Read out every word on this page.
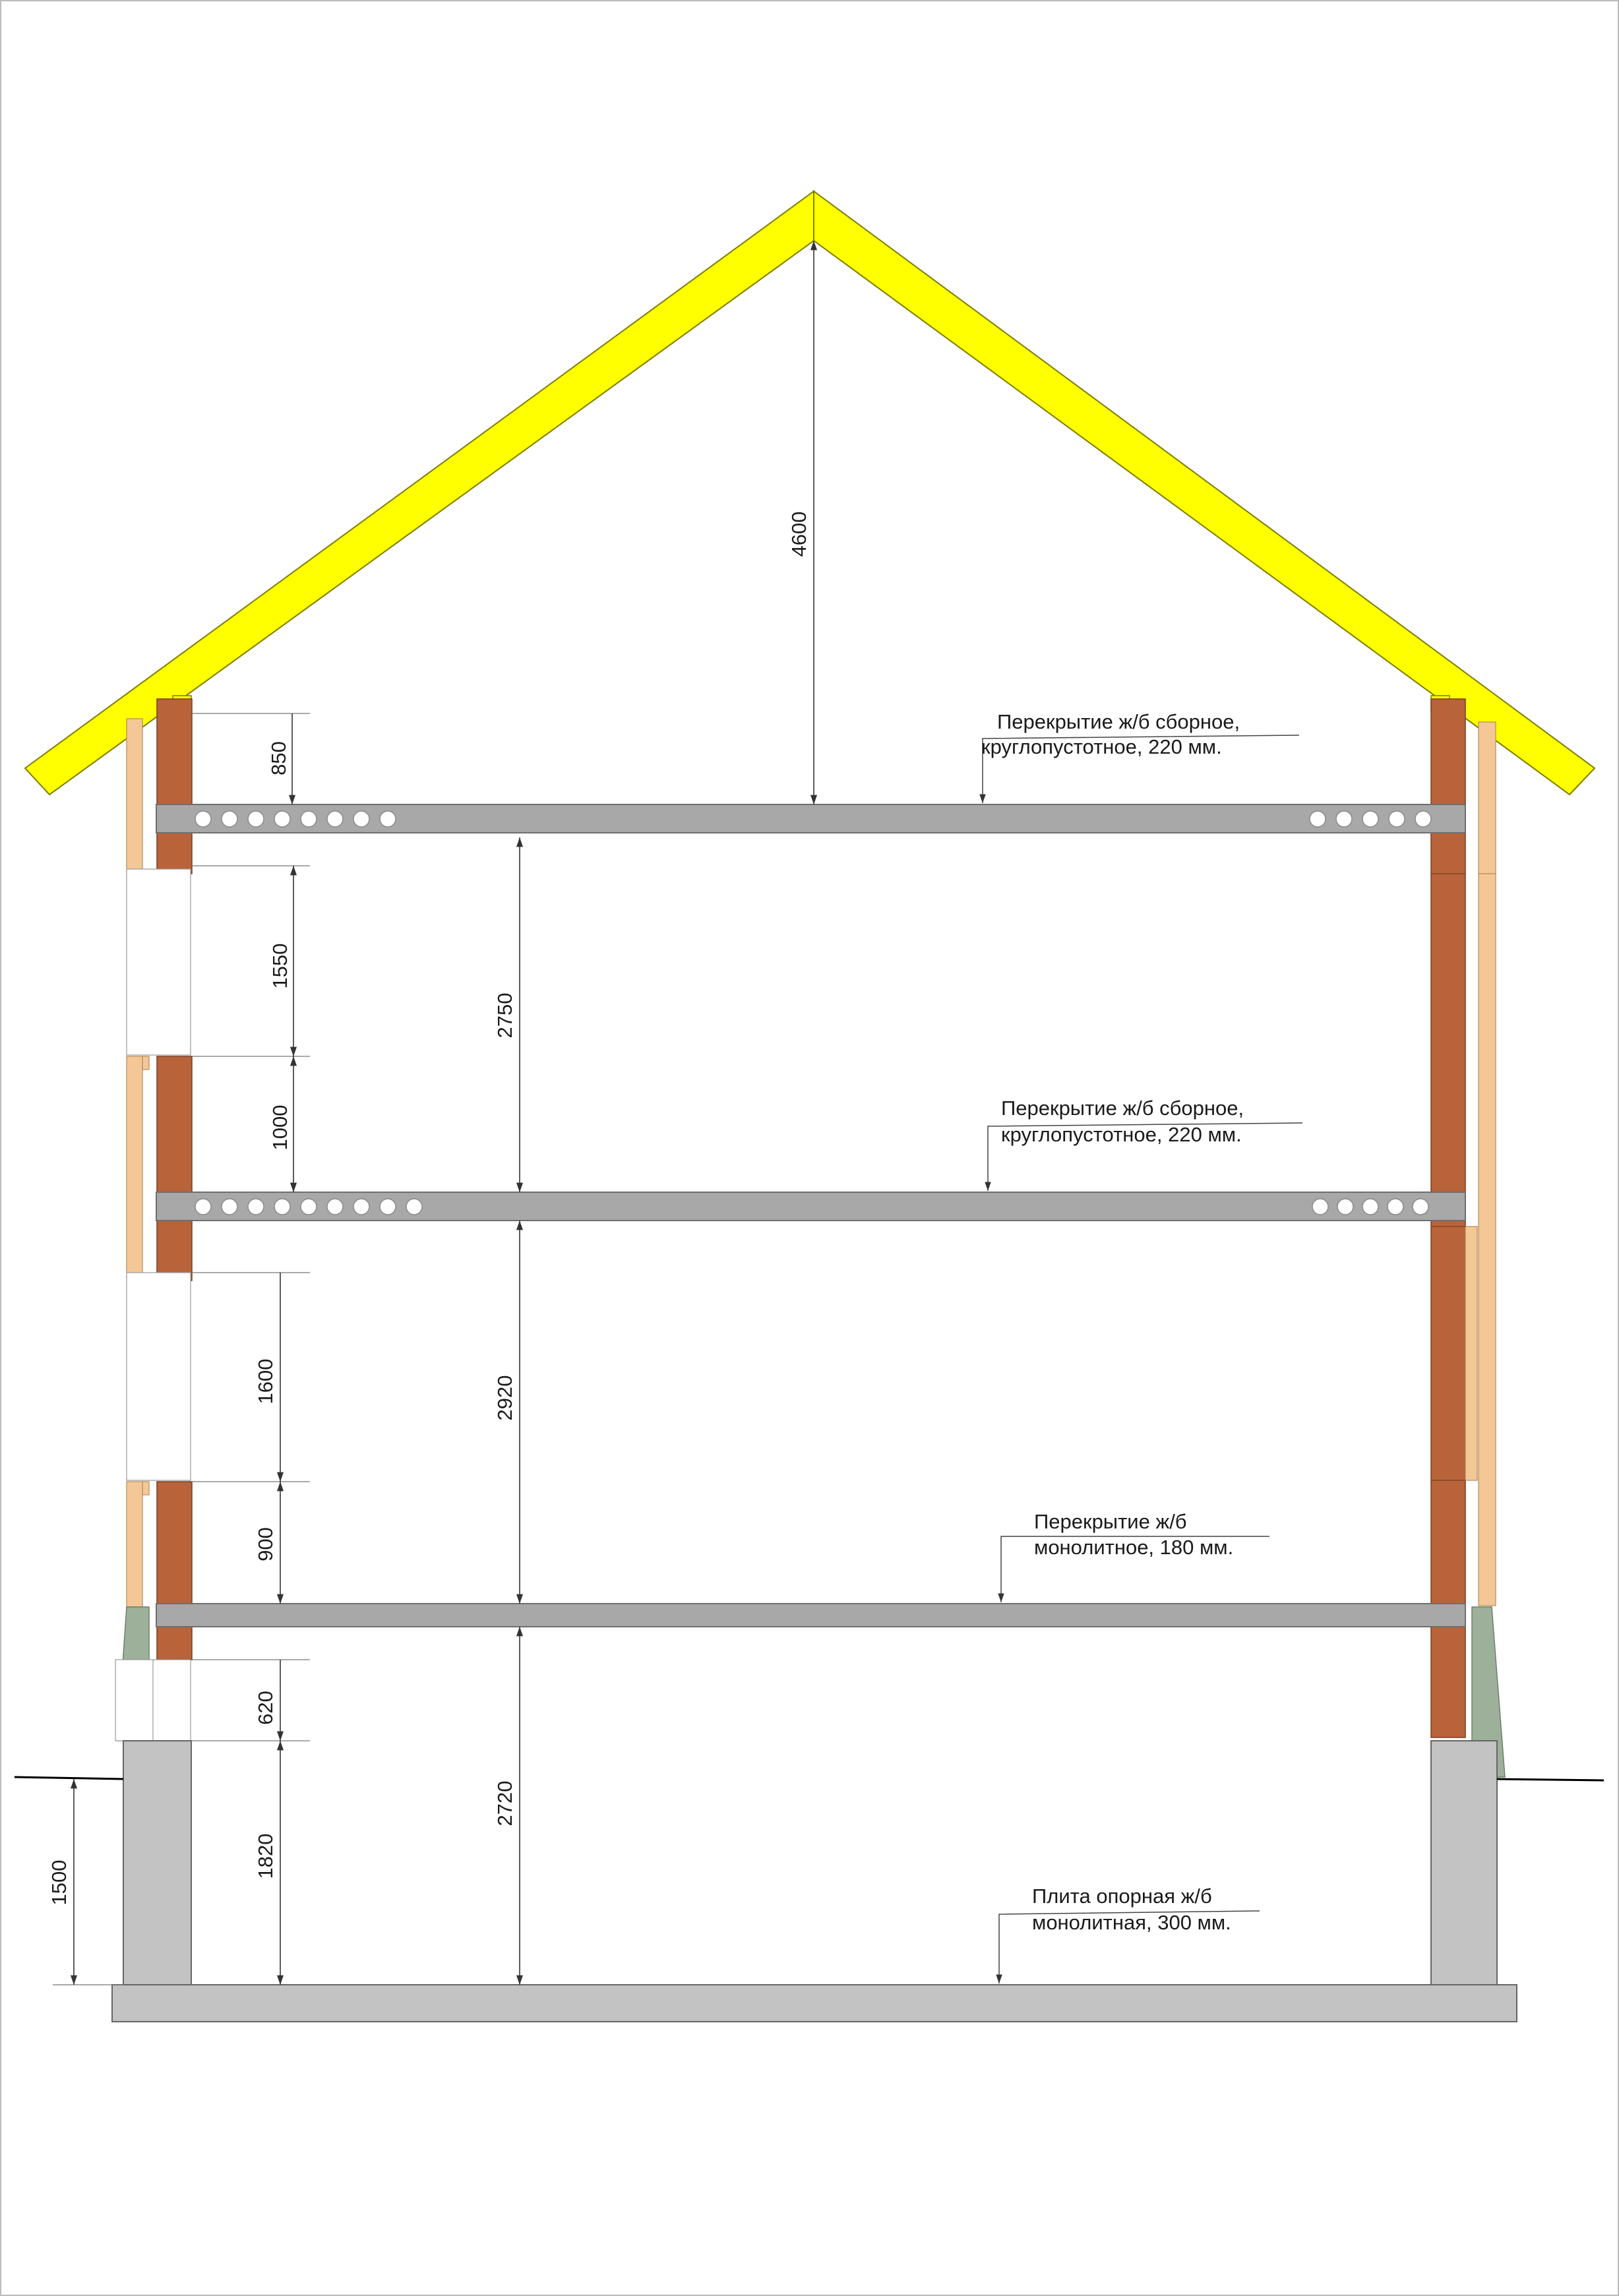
4600
850
1550
1000
2750
1600
900
2920
620
1820
2720
1500
Перекрытие ж/б сборное,
круглопустотное, 220 мм.
Перекрытие ж/б сборное,
круглопустотное, 220 мм.
Перекрытие ж/б
монолитное, 180 мм.
Плита опорная ж/б
монолитная, 300 мм.
